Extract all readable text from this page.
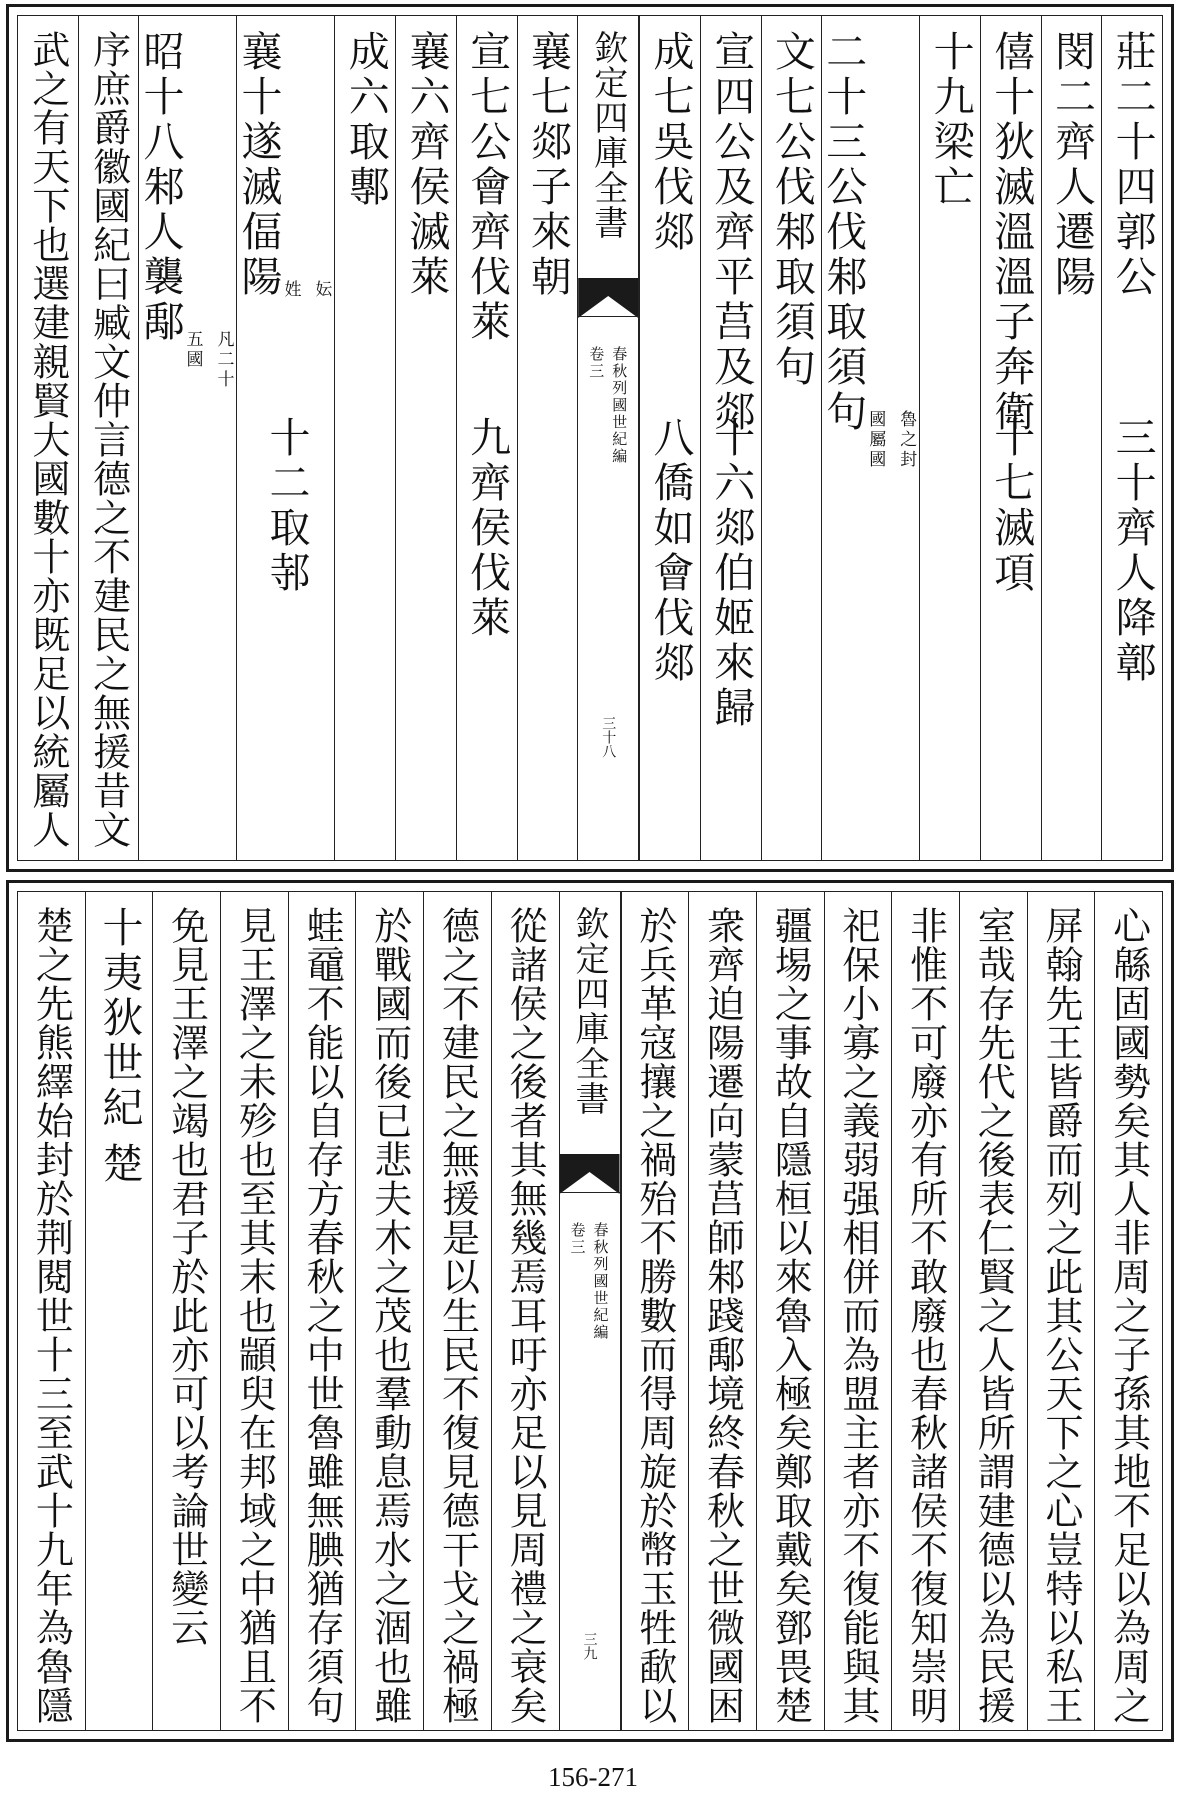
莊二十四郭公
三十齊人降鄣
閔二齊人遷陽
僖十狄滅溫溫子奔衛
十七滅項
十九梁亡
二十三公伐邾取須句
魯之封
國屬國
文七公伐邾取須句
宣四公及齊平莒及郯
十六郯伯姬來歸
成七吳伐郯
八僑如會伐郯
欽定四庫全書
春秋列國世紀編
卷三
三十八
襄七郯子來朝
宣七公會齊伐萊
九齊侯伐萊
襄六齊侯滅萊
成六取鄟
襄十遂滅偪陽 妘
姓
十二取邿
昭十八邾人襲鄅
凡二十
五國
序庶爵徽國紀曰臧文仲言德之不建民之無援昔文
武之有天下也選建親賢大國數十亦既足以統屬人
心緜固國勢矣其人非周之子孫其地不足以為周之
屏翰先王皆爵而列之此其公天下之心豈特以私王
室哉存先代之後表仁賢之人皆所謂建德以為民援
非惟不可廢亦有所不敢廢也春秋諸侯不復知崇明
祀保小寡之義弱强相併而為盟主者亦不復能與其
疆埸之事故自隱桓以來魯入極矣鄭取戴矣鄧畏楚
衆齊迫陽遷向蒙莒師邾踐鄅境終春秋之世微國困
於兵革寇攘之禍殆不勝數而得周旋於幣玉牲歃以
欽定四庫全書
春秋列國世紀編
卷三
三九
從諸侯之後者其無幾焉耳吁亦足以見周禮之衰矣
德之不建民之無援是以生民不復見德干戈之禍極
於戰國而後已悲夫木之茂也羣動息焉水之涸也雖
蛙黿不能以自存方春秋之中世魯雖無腆猶存須句
見王澤之未殄也至其末也顓臾在邦域之中猶且不
免見王澤之竭也君子於此亦可以考論世變云
十夷狄世紀
楚
楚之先熊繹始封於荆閱世十三至武十九年為魯隱
156-271
